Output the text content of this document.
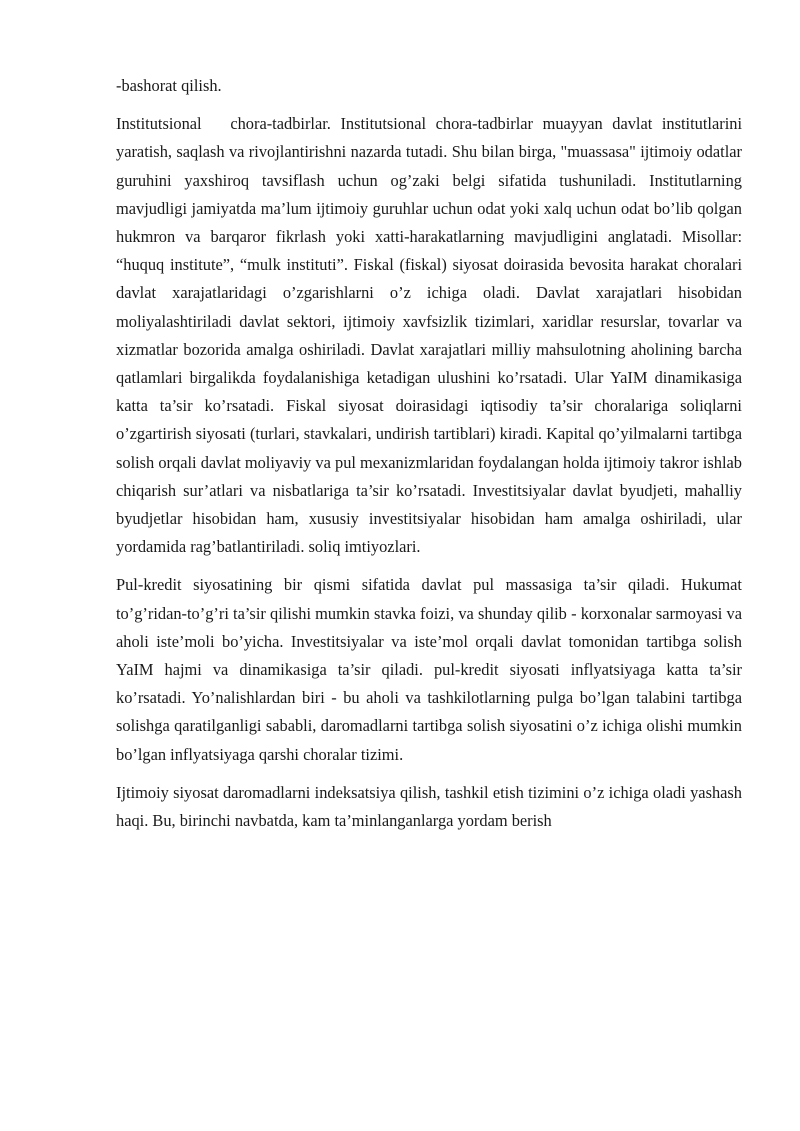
-bashorat qilish.

Institutsional   chora-tadbirlar. Institutsional chora-tadbirlar muayyan davlat institutlarini yaratish, saqlash va rivojlantirishni nazarda tutadi. Shu bilan birga, "muassasa" ijtimoiy odatlar guruhini yaxshiroq tavsiflash uchun og’zaki belgi sifatida tushuniladi. Institutlarning mavjudligi jamiyatda ma’lum ijtimoiy guruhlar uchun odat yoki xalq uchun odat bo’lib qolgan hukmron va barqaror fikrlash yoki xatti-harakatlarning mavjudligini anglatadi. Misollar: “huquq institute”, “mulk instituti”. Fiskal (fiskal) siyosat doirasida bevosita harakat choralari davlat xarajatlaridagi o’zgarishlarni o’z ichiga oladi. Davlat xarajatlari hisobidan moliyalashtiriladi davlat sektori, ijtimoiy xavfsizlik tizimlari, xaridlar resurslar, tovarlar va xizmatlar bozorida amalga oshiriladi. Davlat xarajatlari milliy mahsulotning aholining barcha qatlamlari birgalikda foydalanishiga ketadigan ulushini ko’rsatadi. Ular YaIM dinamikasiga katta ta’sir ko’rsatadi. Fiskal siyosat doirasidagi iqtisodiy ta’sir choralariga soliqlarni o’zgartirish siyosati (turlari, stavkalari, undirish tartiblari) kiradi. Kapital qo’yilmalarni tartibga solish orqali davlat moliyaviy va pul mexanizmlaridan foydalangan holda ijtimoiy takror ishlab chiqarish sur’atlari va nisbatlariga ta’sir ko’rsatadi. Investitsiyalar davlat byudjeti, mahalliy byudjetlar hisobidan ham, xususiy investitsiyalar hisobidan ham amalga oshiriladi, ular yordamida rag’batlantiriladi. soliq imtiyozlari.

Pul-kredit siyosatining bir qismi sifatida davlat pul massasiga ta’sir qiladi. Hukumat to’g’ridan-to’g’ri ta’sir qilishi mumkin stavka foizi, va shunday qilib - korxonalar sarmoyasi va aholi iste’moli bo’yicha. Investitsiyalar va iste’mol orqali davlat tomonidan tartibga solish YaIM hajmi va dinamikasiga ta’sir qiladi. pul-kredit siyosati inflyatsiyaga katta ta’sir ko’rsatadi. Yo’nalishlardan biri - bu aholi va tashkilotlarning pulga bo’lgan talabini tartibga solishga qaratilganligi sababli, daromadlarni tartibga solish siyosatini o’z ichiga olishi mumkin bo’lgan inflyatsiyaga qarshi choralar tizimi.

Ijtimoiy siyosat daromadlarni indeksatsiya qilish, tashkil etish tizimini o’z ichiga oladi yashash haqi. Bu, birinchi navbatda, kam ta’minlanganlarga yordam berish
